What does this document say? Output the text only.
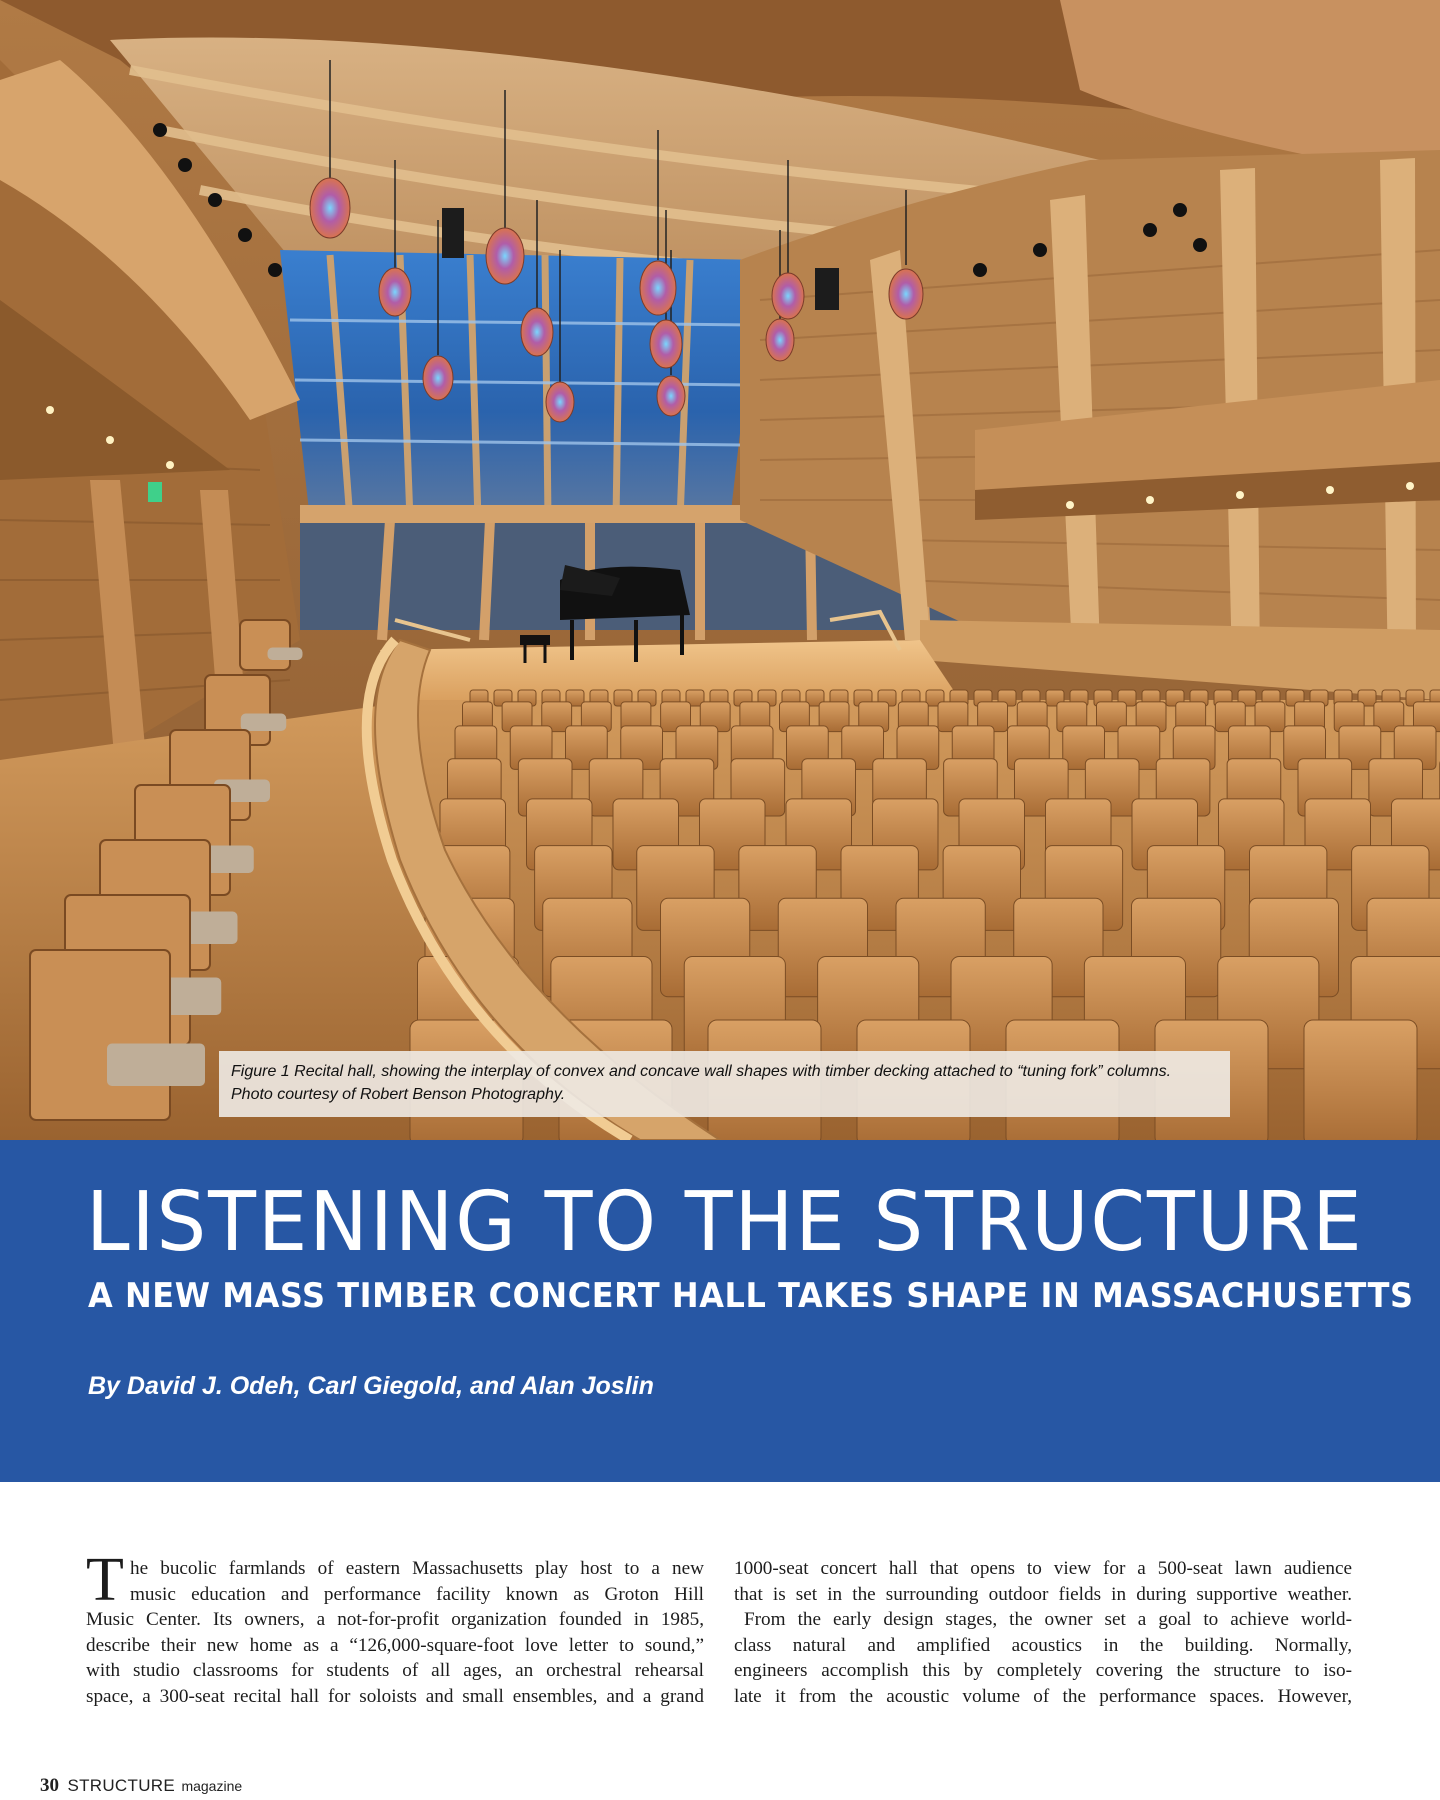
Figure 1 Recital hall, showing the interplay of convex and concave wall shapes with timber decking attached to “tuning fork” columns.
Photo courtesy of Robert Benson Photography.
LISTENING TO THE STRUCTURE
A NEW MASS TIMBER CONCERT HALL TAKES SHAPE IN MASSACHUSETTS
By David J. Odeh, Carl Giegold, and Alan Joslin
T he bucolic farmlands of eastern Massachusetts play host to a new
music education and performance facility known as Groton Hill
Music Center. Its owners, a not-for-profit organization founded in 1985,
describe their new home as a “126,000-square-foot love letter to sound,”
with studio classrooms for students of all ages, an orchestral rehearsal
space, a 300-seat recital hall for soloists and small ensembles, and a grand
1000-seat concert hall that opens to view for a 500-seat lawn audience
that is set in the surrounding outdoor fields in during supportive weather.
From the early design stages, the owner set a goal to achieve world-
class natural and amplified acoustics in the building. Normally,
engineers accomplish this by completely covering the structure to iso-
late it from the acoustic volume of the performance spaces. However,
30 STRUCTURE magazine
